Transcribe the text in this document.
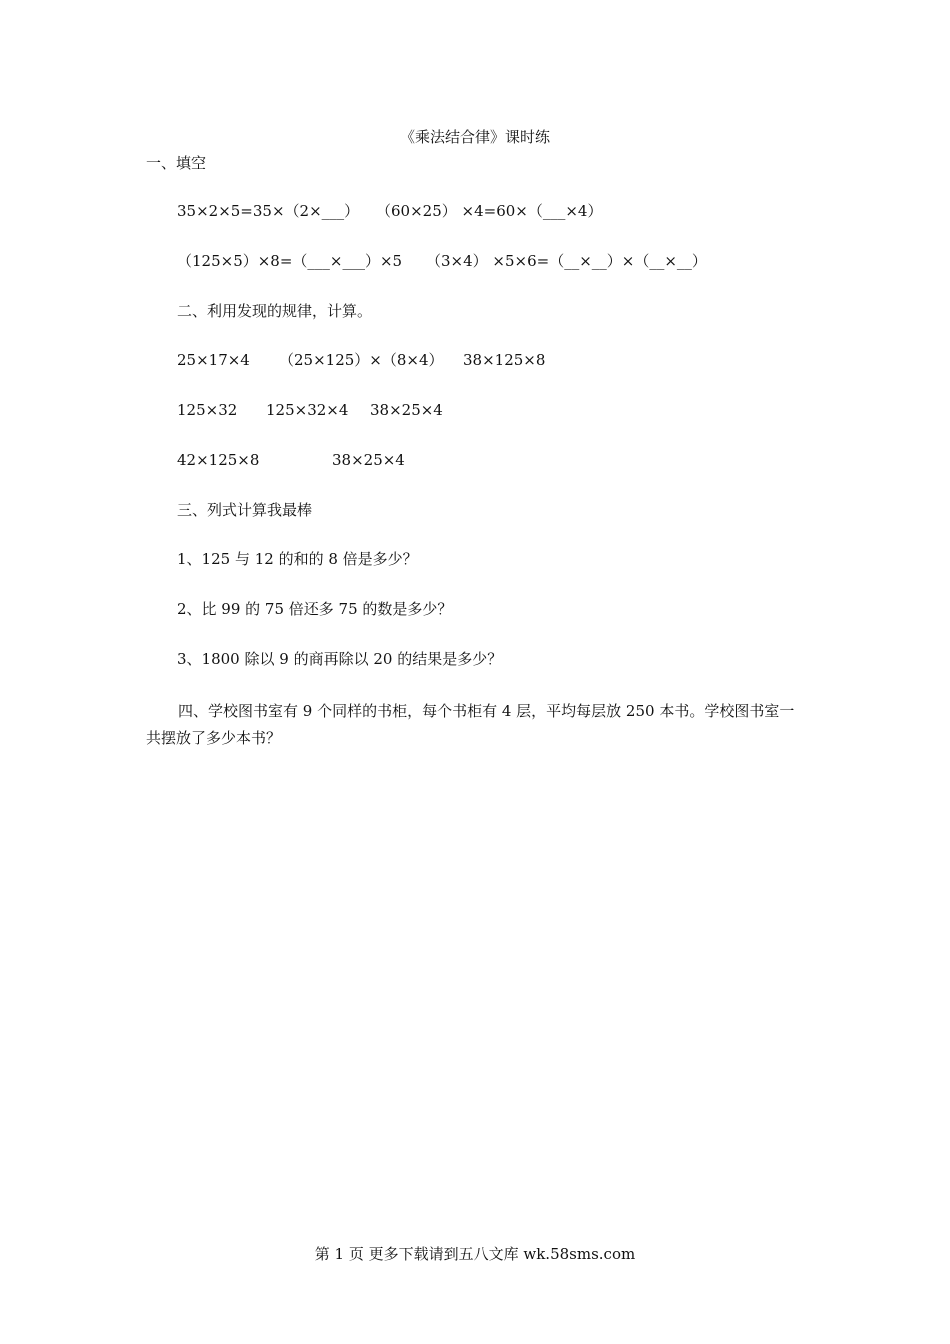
《乘法结合律》课时练
一、填空
35×2×5=35×（2×___） （60×25） ×4=60×（___×4）
（125×5）×8=（___×___）×5 （3×4） ×5×6=（__×__）×（__×__）
二、利用发现的规律，计算。
25×17×4 （25×125）×（8×4） 38×125×8
125×32 125×32×4 38×25×4
42×125×8	38×25×4
三、列式计算我最棒
1、125 与 12 的和的 8 倍是多少？
2、比 99 的 75 倍还多 75 的数是多少？
3、1800 除以 9 的商再除以 20 的结果是多少？
四、学校图书室有 9 个同样的书柜，每个书柜有 4 层，平均每层放 250 本书。学校图书室一共摆放了多少本书？
第 1 页 更多下载请到五八文库 wk.58sms.com
